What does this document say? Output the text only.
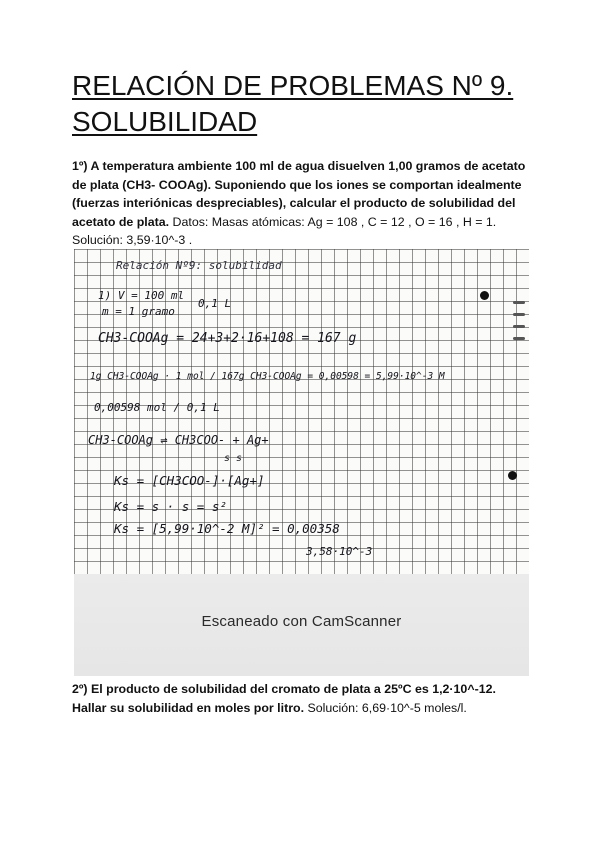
RELACIÓN DE PROBLEMAS Nº 9. SOLUBILIDAD

1º) A temperatura ambiente 100 ml de agua disuelven 1,00 gramos de acetato de plata (CH3- COOAg). Suponiendo que los iones se comportan idealmente (fuerzas interiónicas despreciables), calcular el producto de solubilidad del acetato de plata. Datos: Masas atómicas: Ag = 108 , C = 12 , O = 16 , H = 1. Solución: 3,59·10^-3 .

Relación Nº9: solubilidad
1) V = 100 ml
m = 1 gramo
0,1 L
CH3-COOAg = 24+3+2·16+108 = 167 g
1g CH3-COOAg · 1 mol / 167g CH3-COOAg = 0,00598 = 5,99·10^-3 M
0,00598 mol / 0,1 L
CH3-COOAg ⇌ CH3COO- + Ag+
s s
Ks = [CH3COO-]·[Ag+]
Ks = s · s = s²
Ks = [5,99·10^-2 M]² = 0,00358
3,58·10^-3
Escaneado con CamScanner

2º) El producto de solubilidad del cromato de plata a 25ºC es 1,2·10^-12. Hallar su solubilidad en moles por litro. Solución: 6,69·10^-5 moles/l.
